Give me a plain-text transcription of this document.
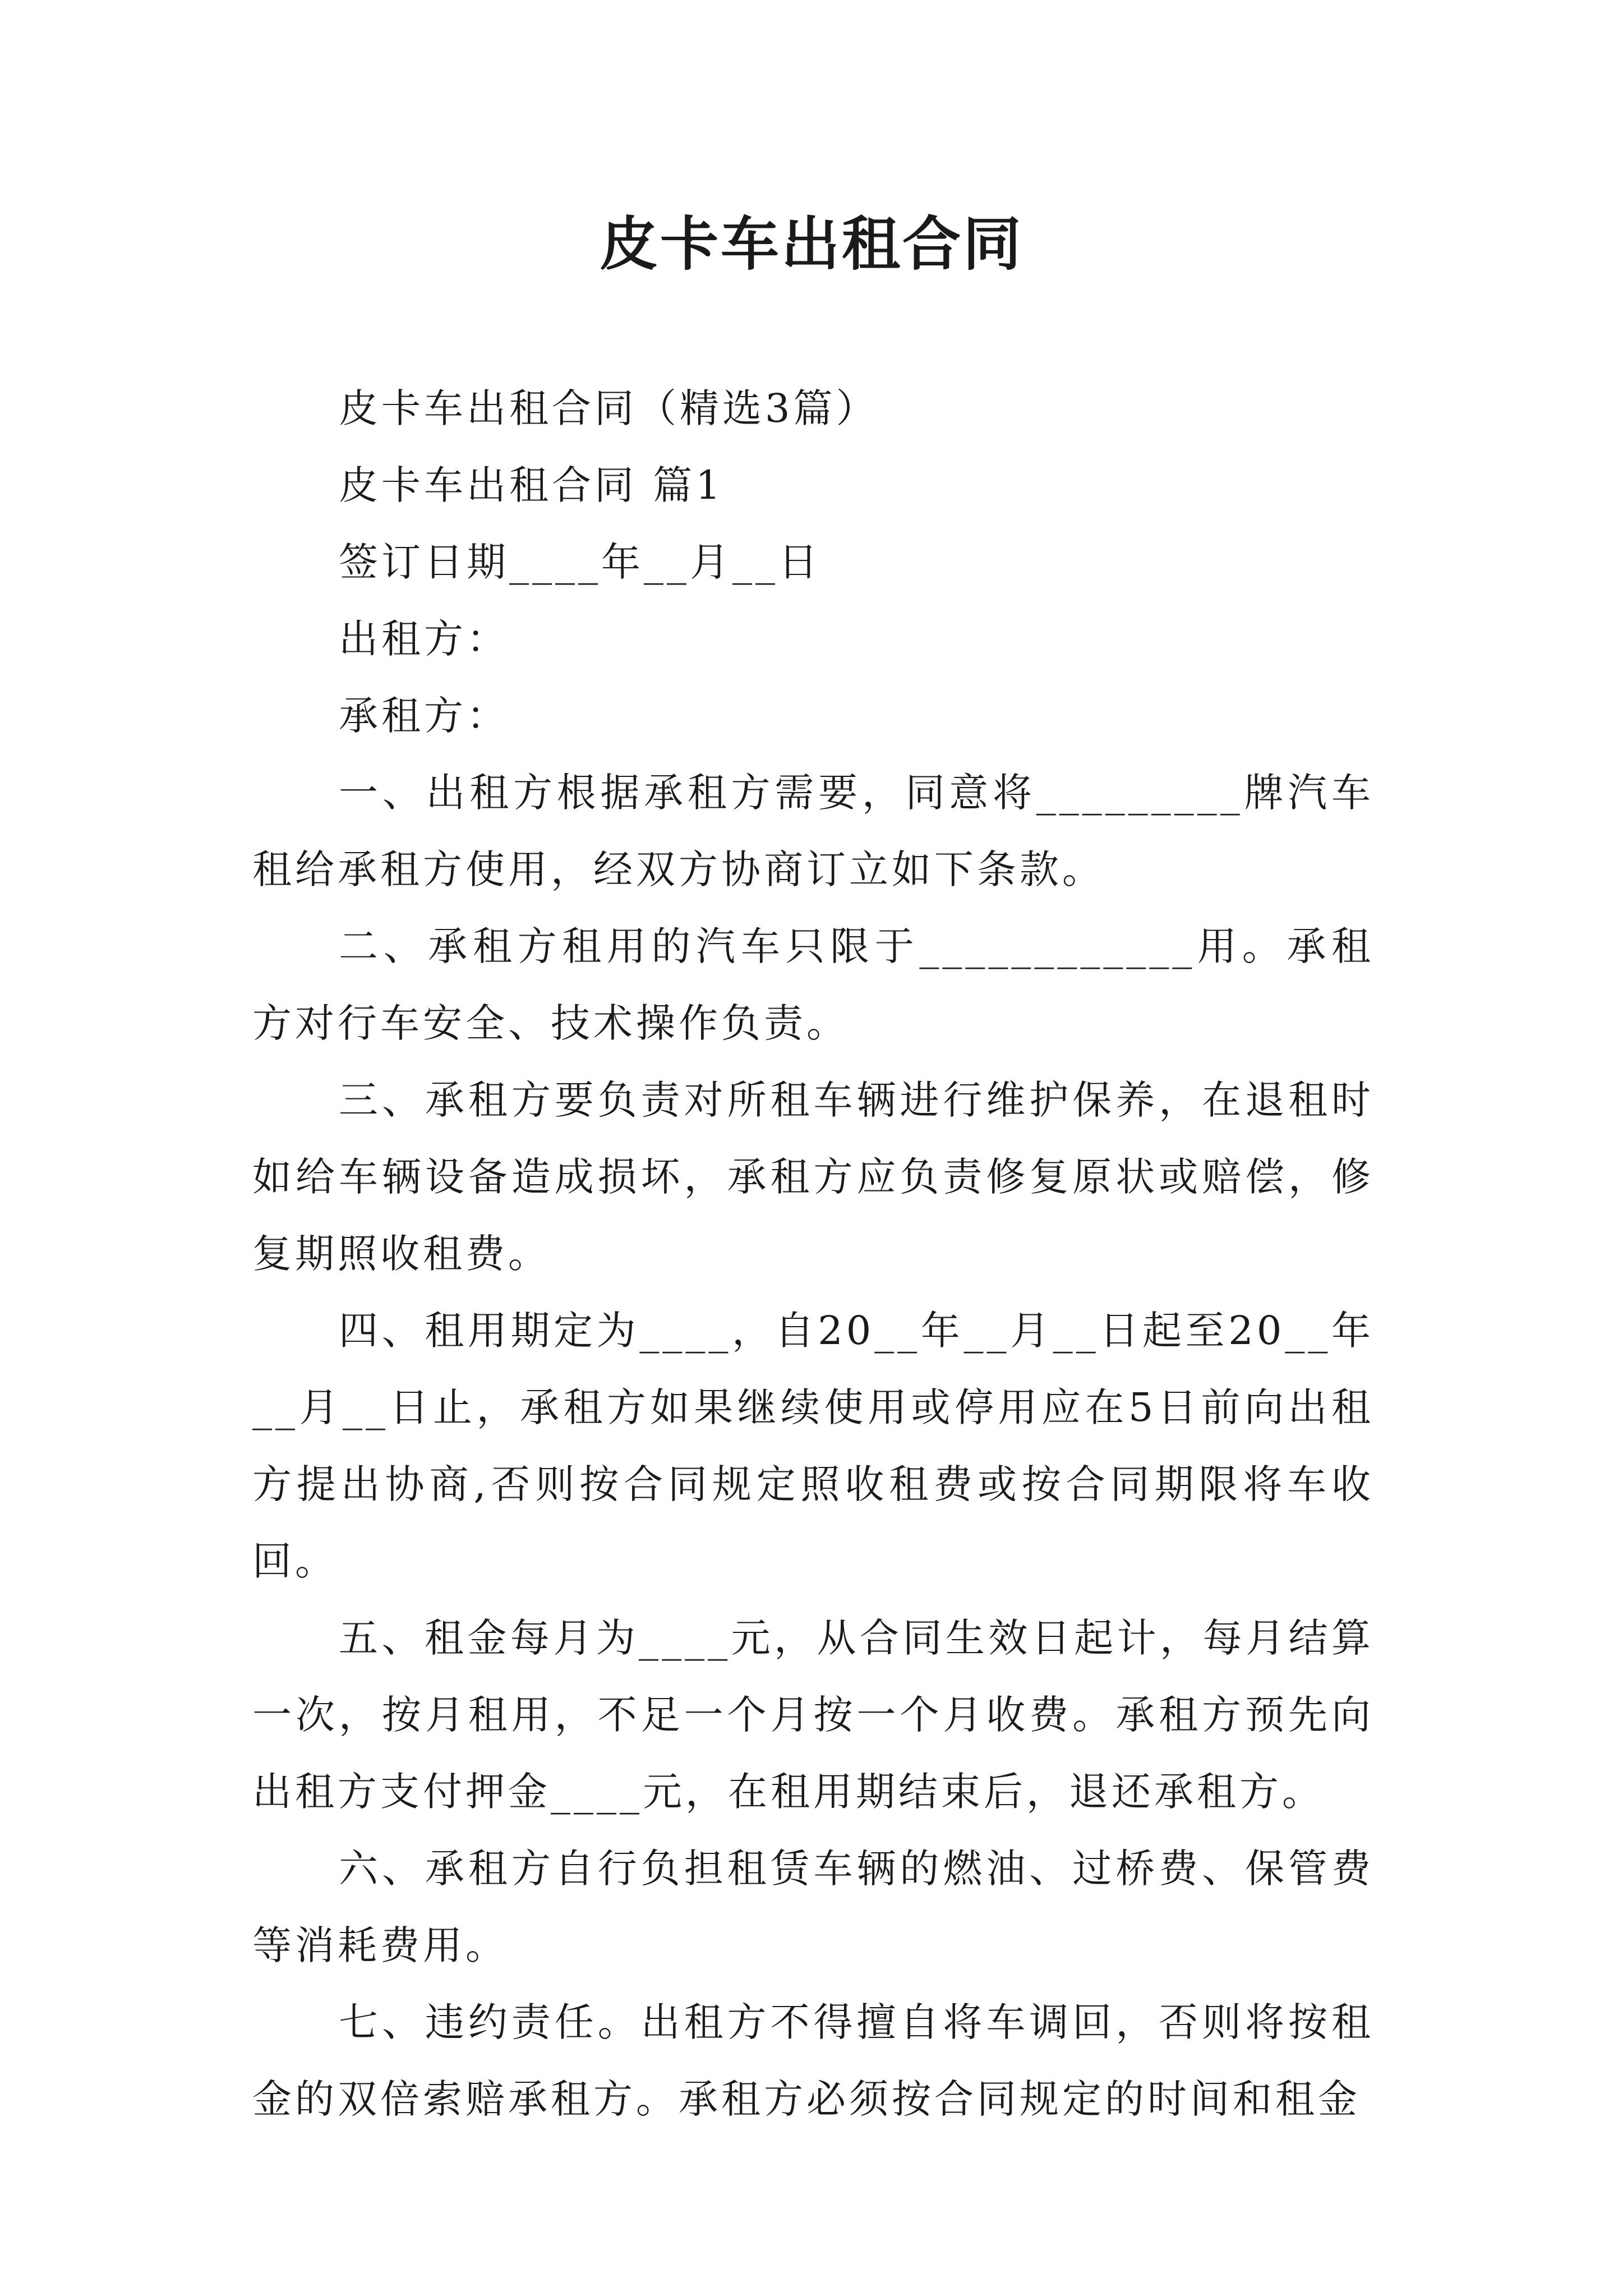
皮卡车出租合同

皮卡车出租合同（精选3篇）

皮卡车出租合同 篇1

签订日期____年__月__日

出租方：

承租方：

一、出租方根据承租方需要，同意将_________牌汽车租给承租方使用，经双方协商订立如下条款。

二、承租方租用的汽车只限于____________用。承租方对行车安全、技术操作负责。

三、承租方要负责对所租车辆进行维护保养，在退租时如给车辆设备造成损坏，承租方应负责修复原状或赔偿，修复期照收租费。

四、租用期定为____，自20__年__月__日起至20__年__月__日止，承租方如果继续使用或停用应在5日前向出租方提出协商,否则按合同规定照收租费或按合同期限将车收回。

五、租金每月为____元，从合同生效日起计，每月结算一次，按月租用，不足一个月按一个月收费。承租方预先向出租方支付押金____元，在租用期结束后，退还承租方。

六、承租方自行负担租赁车辆的燃油、过桥费、保管费等消耗费用。

七、违约责任。出租方不得擅自将车调回，否则将按租金的双倍索赔承租方。承租方必须按合同规定的时间和租金
